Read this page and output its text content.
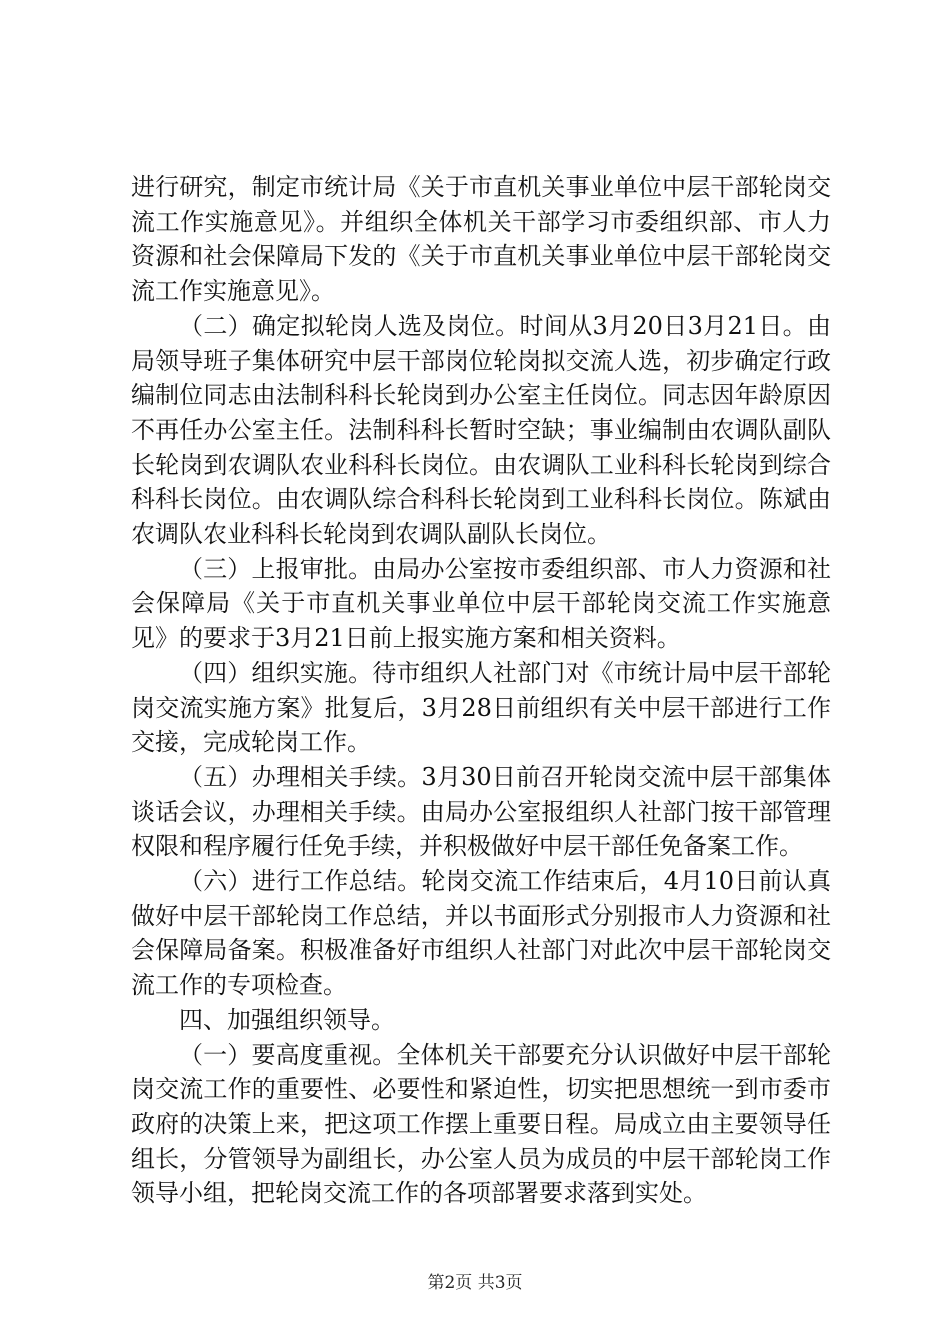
进行研究，制定市统计局《关于市直机关事业单位中层干部轮岗交流工作实施意见》。并组织全体机关干部学习市委组织部、市人力资源和社会保障局下发的《关于市直机关事业单位中层干部轮岗交流工作实施意见》。

（二）确定拟轮岗人选及岗位。时间从3月20日3月21日。由局领导班子集体研究中层干部岗位轮岗拟交流人选，初步确定行政编制位同志由法制科科长轮岗到办公室主任岗位。同志因年龄原因不再任办公室主任。法制科科长暂时空缺；事业编制由农调队副队长轮岗到农调队农业科科长岗位。由农调队工业科科长轮岗到综合科科长岗位。由农调队综合科科长轮岗到工业科科长岗位。陈斌由农调队农业科科长轮岗到农调队副队长岗位。

（三）上报审批。由局办公室按市委组织部、市人力资源和社会保障局《关于市直机关事业单位中层干部轮岗交流工作实施意见》的要求于3月21日前上报实施方案和相关资料。

（四）组织实施。待市组织人社部门对《市统计局中层干部轮岗交流实施方案》批复后，3月28日前组织有关中层干部进行工作交接，完成轮岗工作。

（五）办理相关手续。3月30日前召开轮岗交流中层干部集体谈话会议，办理相关手续。由局办公室报组织人社部门按干部管理权限和程序履行任免手续，并积极做好中层干部任免备案工作。

（六）进行工作总结。轮岗交流工作结束后，4月10日前认真做好中层干部轮岗工作总结，并以书面形式分别报市人力资源和社会保障局备案。积极准备好市组织人社部门对此次中层干部轮岗交流工作的专项检查。

四、加强组织领导。

（一）要高度重视。全体机关干部要充分认识做好中层干部轮岗交流工作的重要性、必要性和紧迫性，切实把思想统一到市委市政府的决策上来，把这项工作摆上重要日程。局成立由主要领导任组长，分管领导为副组长，办公室人员为成员的中层干部轮岗工作领导小组，把轮岗交流工作的各项部署要求落到实处。

第2页 共3页
